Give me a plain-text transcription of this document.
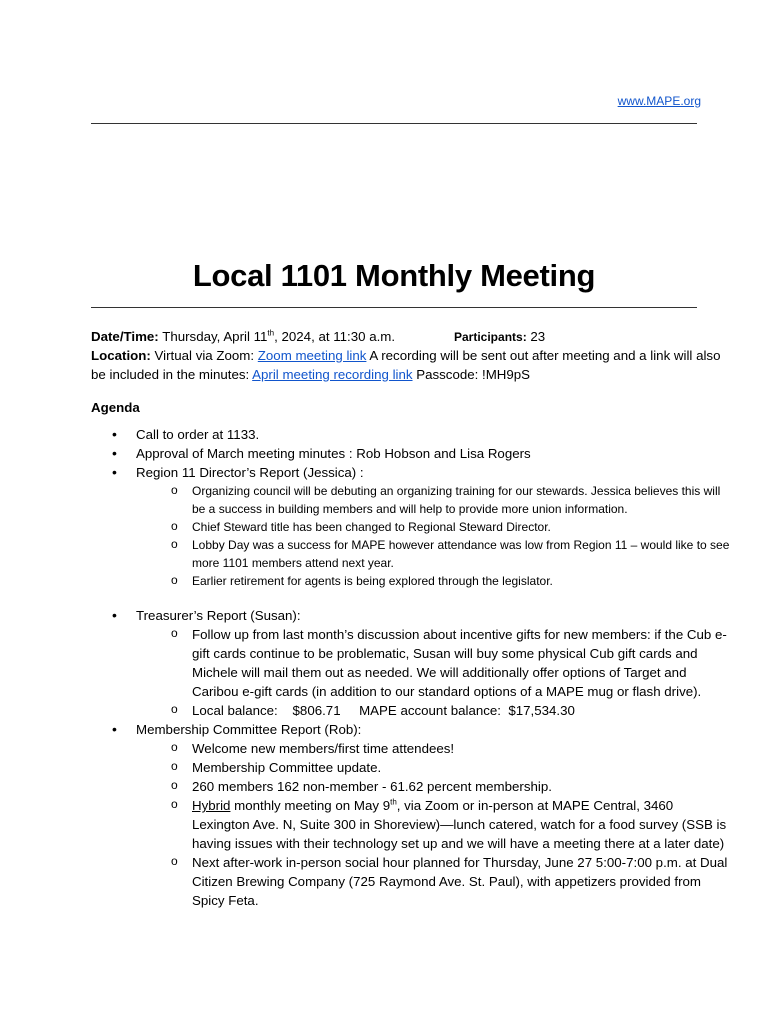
www.MAPE.org
Local 1101 Monthly Meeting
Date/Time: Thursday, April 11th, 2024, at 11:30 a.m.	Participants: 23
Location: Virtual via Zoom: Zoom meeting link A recording will be sent out after meeting and a link will also be included in the minutes: April meeting recording link Passcode: !MH9pS
Agenda
• Call to order at 1133.
• Approval of March meeting minutes : Rob Hobson and Lisa Rogers
• Region 11 Director’s Report (Jessica) :
o Organizing council will be debuting an organizing training for our stewards. Jessica believes this will be a success in building members and will help to provide more union information.
o Chief Steward title has been changed to Regional Steward Director.
o Lobby Day was a success for MAPE however attendance was low from Region 11 – would like to see more 1101 members attend next year.
o Earlier retirement for agents is being explored through the legislator.
• Treasurer’s Report (Susan):
o Follow up from last month’s discussion about incentive gifts for new members: if the Cub e-gift cards continue to be problematic, Susan will buy some physical Cub gift cards and Michele will mail them out as needed. We will additionally offer options of Target and Caribou e-gift cards (in addition to our standard options of a MAPE mug or flash drive).
o Local balance:    $806.71     MAPE account balance:  $17,534.30
• Membership Committee Report (Rob):
o Welcome new members/first time attendees!
o Membership Committee update.
o 260 members 162 non-member - 61.62 percent membership.
o Hybrid monthly meeting on May 9th, via Zoom or in-person at MAPE Central, 3460 Lexington Ave. N, Suite 300 in Shoreview)—lunch catered, watch for a food survey (SSB is having issues with their technology set up and we will have a meeting there at a later date)
o Next after-work in-person social hour planned for Thursday, June 27 5:00-7:00 p.m. at Dual Citizen Brewing Company (725 Raymond Ave. St. Paul), with appetizers provided from Spicy Feta.
